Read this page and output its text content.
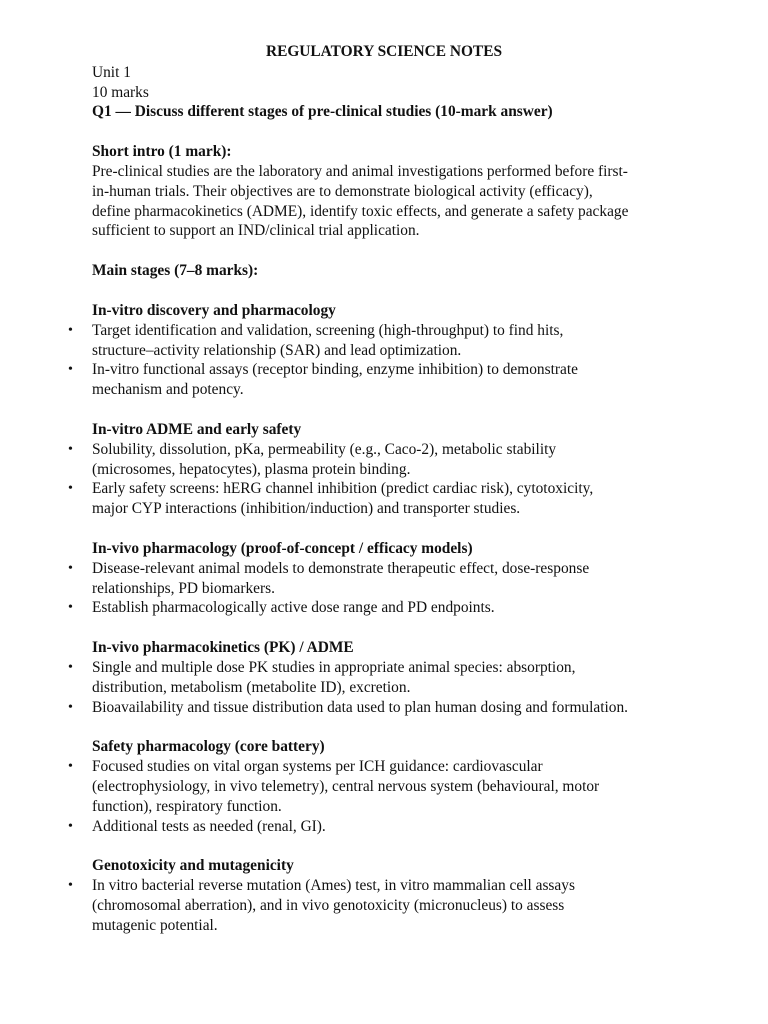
REGULATORY SCIENCE NOTES
Unit 1
10 marks
Q1 — Discuss different stages of pre-clinical studies (10-mark answer)
Short intro (1 mark):
Pre-clinical studies are the laboratory and animal investigations performed before first-
in-human trials. Their objectives are to demonstrate biological activity (efficacy),
define pharmacokinetics (ADME), identify toxic effects, and generate a safety package
sufficient to support an IND/clinical trial application.
Main stages (7–8 marks):
In-vitro discovery and pharmacology
• Target identification and validation, screening (high-throughput) to find hits,
structure–activity relationship (SAR) and lead optimization.
• In-vitro functional assays (receptor binding, enzyme inhibition) to demonstrate
mechanism and potency.
In-vitro ADME and early safety
• Solubility, dissolution, pKa, permeability (e.g., Caco-2), metabolic stability
(microsomes, hepatocytes), plasma protein binding.
• Early safety screens: hERG channel inhibition (predict cardiac risk), cytotoxicity,
major CYP interactions (inhibition/induction) and transporter studies.
In-vivo pharmacology (proof-of-concept / efficacy models)
• Disease-relevant animal models to demonstrate therapeutic effect, dose-response
relationships, PD biomarkers.
• Establish pharmacologically active dose range and PD endpoints.
In-vivo pharmacokinetics (PK) / ADME
• Single and multiple dose PK studies in appropriate animal species: absorption,
distribution, metabolism (metabolite ID), excretion.
• Bioavailability and tissue distribution data used to plan human dosing and formulation.
Safety pharmacology (core battery)
• Focused studies on vital organ systems per ICH guidance: cardiovascular
(electrophysiology, in vivo telemetry), central nervous system (behavioural, motor
function), respiratory function.
• Additional tests as needed (renal, GI).
Genotoxicity and mutagenicity
• In vitro bacterial reverse mutation (Ames) test, in vitro mammalian cell assays
(chromosomal aberration), and in vivo genotoxicity (micronucleus) to assess
mutagenic potential.
